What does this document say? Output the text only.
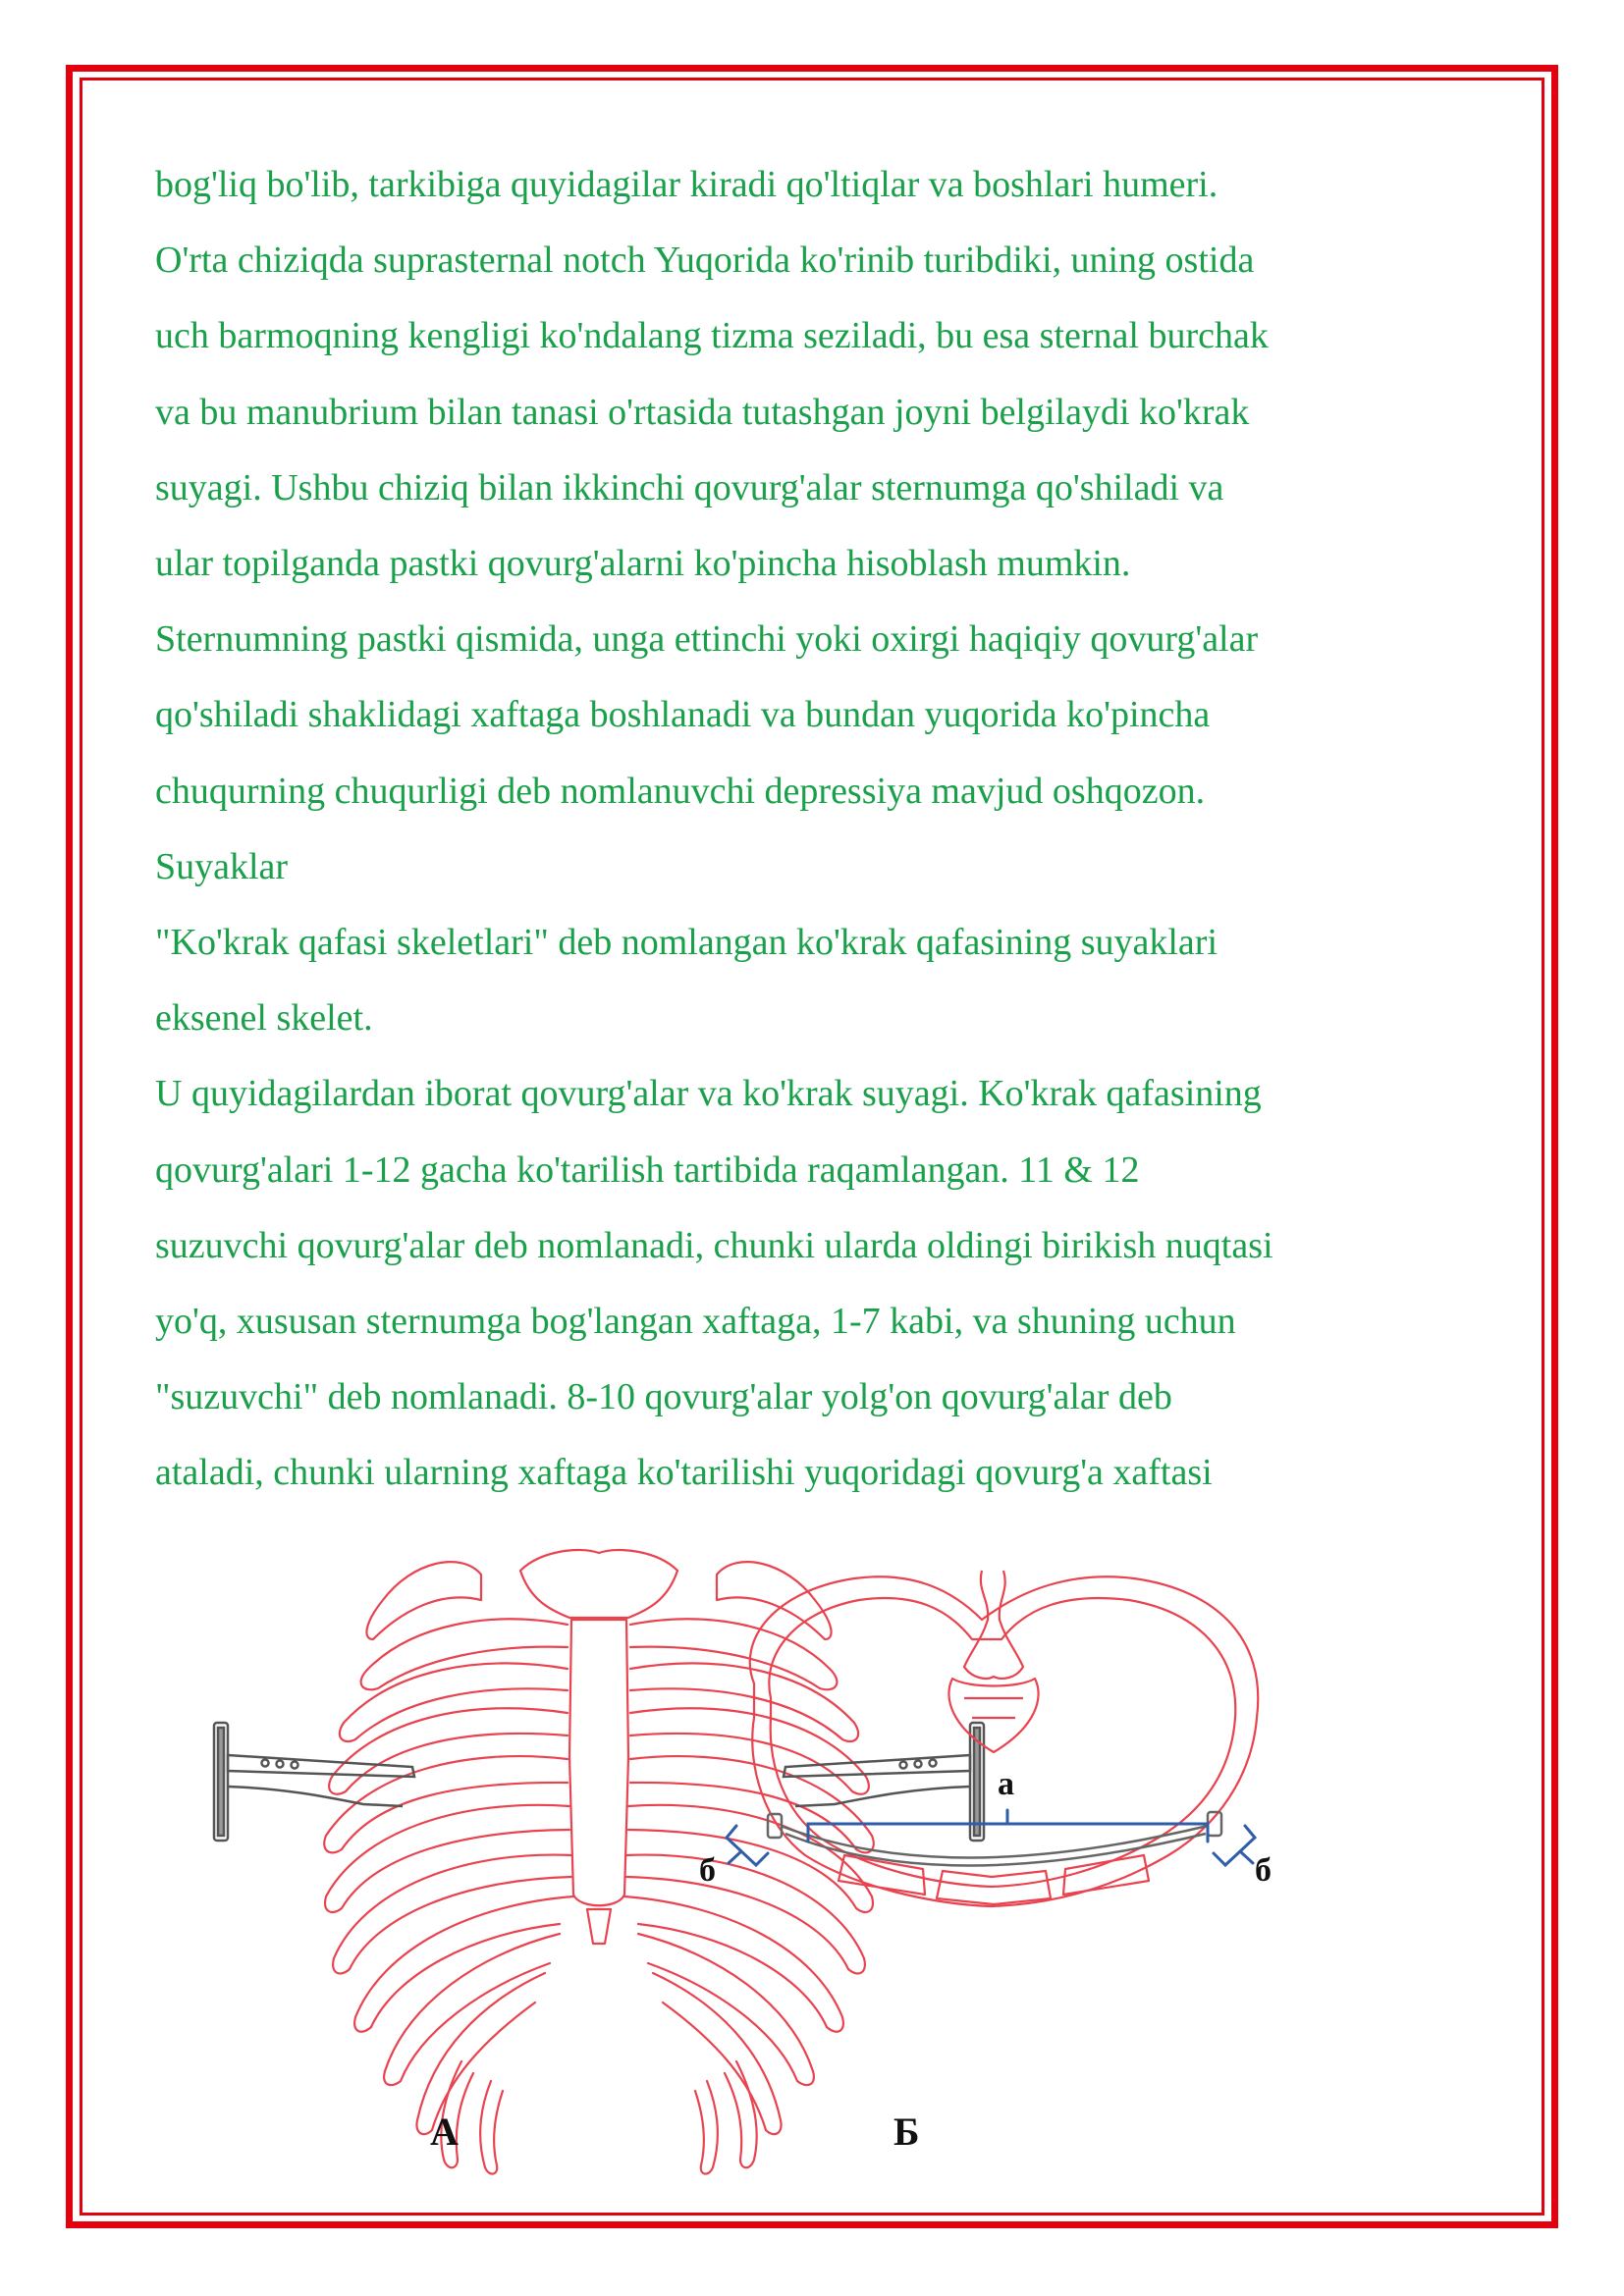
bog'liq bo'lib, tarkibiga quyidagilar kiradi qo'ltiqlar va boshlari humeri.
O'rta chiziqda suprasternal notch Yuqorida ko'rinib turibdiki, uning ostida
uch barmoqning kengligi ko'ndalang tizma seziladi, bu esa sternal burchak
va bu manubrium bilan tanasi o'rtasida tutashgan joyni belgilaydi ko'krak
suyagi. Ushbu chiziq bilan ikkinchi qovurg'alar sternumga qo'shiladi va
ular topilganda pastki qovurg'alarni ko'pincha hisoblash mumkin.
Sternumning pastki qismida, unga ettinchi yoki oxirgi haqiqiy qovurg'alar
qo'shiladi shaklidagi xaftaga boshlanadi va bundan yuqorida ko'pincha
chuqurning chuqurligi deb nomlanuvchi depressiya mavjud oshqozon.
Suyaklar
"Ko'krak qafasi skeletlari" deb nomlangan ko'krak qafasining suyaklari
eksenel skelet.
U quyidagilardan iborat qovurg'alar va ko'krak suyagi. Ko'krak qafasining
qovurg'alari 1-12 gacha ko'tarilish tartibida raqamlangan. 11 & 12
suzuvchi qovurg'alar deb nomlanadi, chunki ularda oldingi birikish nuqtasi
yo'q, xususan sternumga bog'langan xaftaga, 1-7 kabi, va shuning uchun
"suzuvchi" deb nomlanadi. 8-10 qovurg'alar yolg'on qovurg'alar deb
ataladi, chunki ularning xaftaga ko'tarilishi yuqoridagi qovurg'a xaftasi
А
а
б	б
Б
